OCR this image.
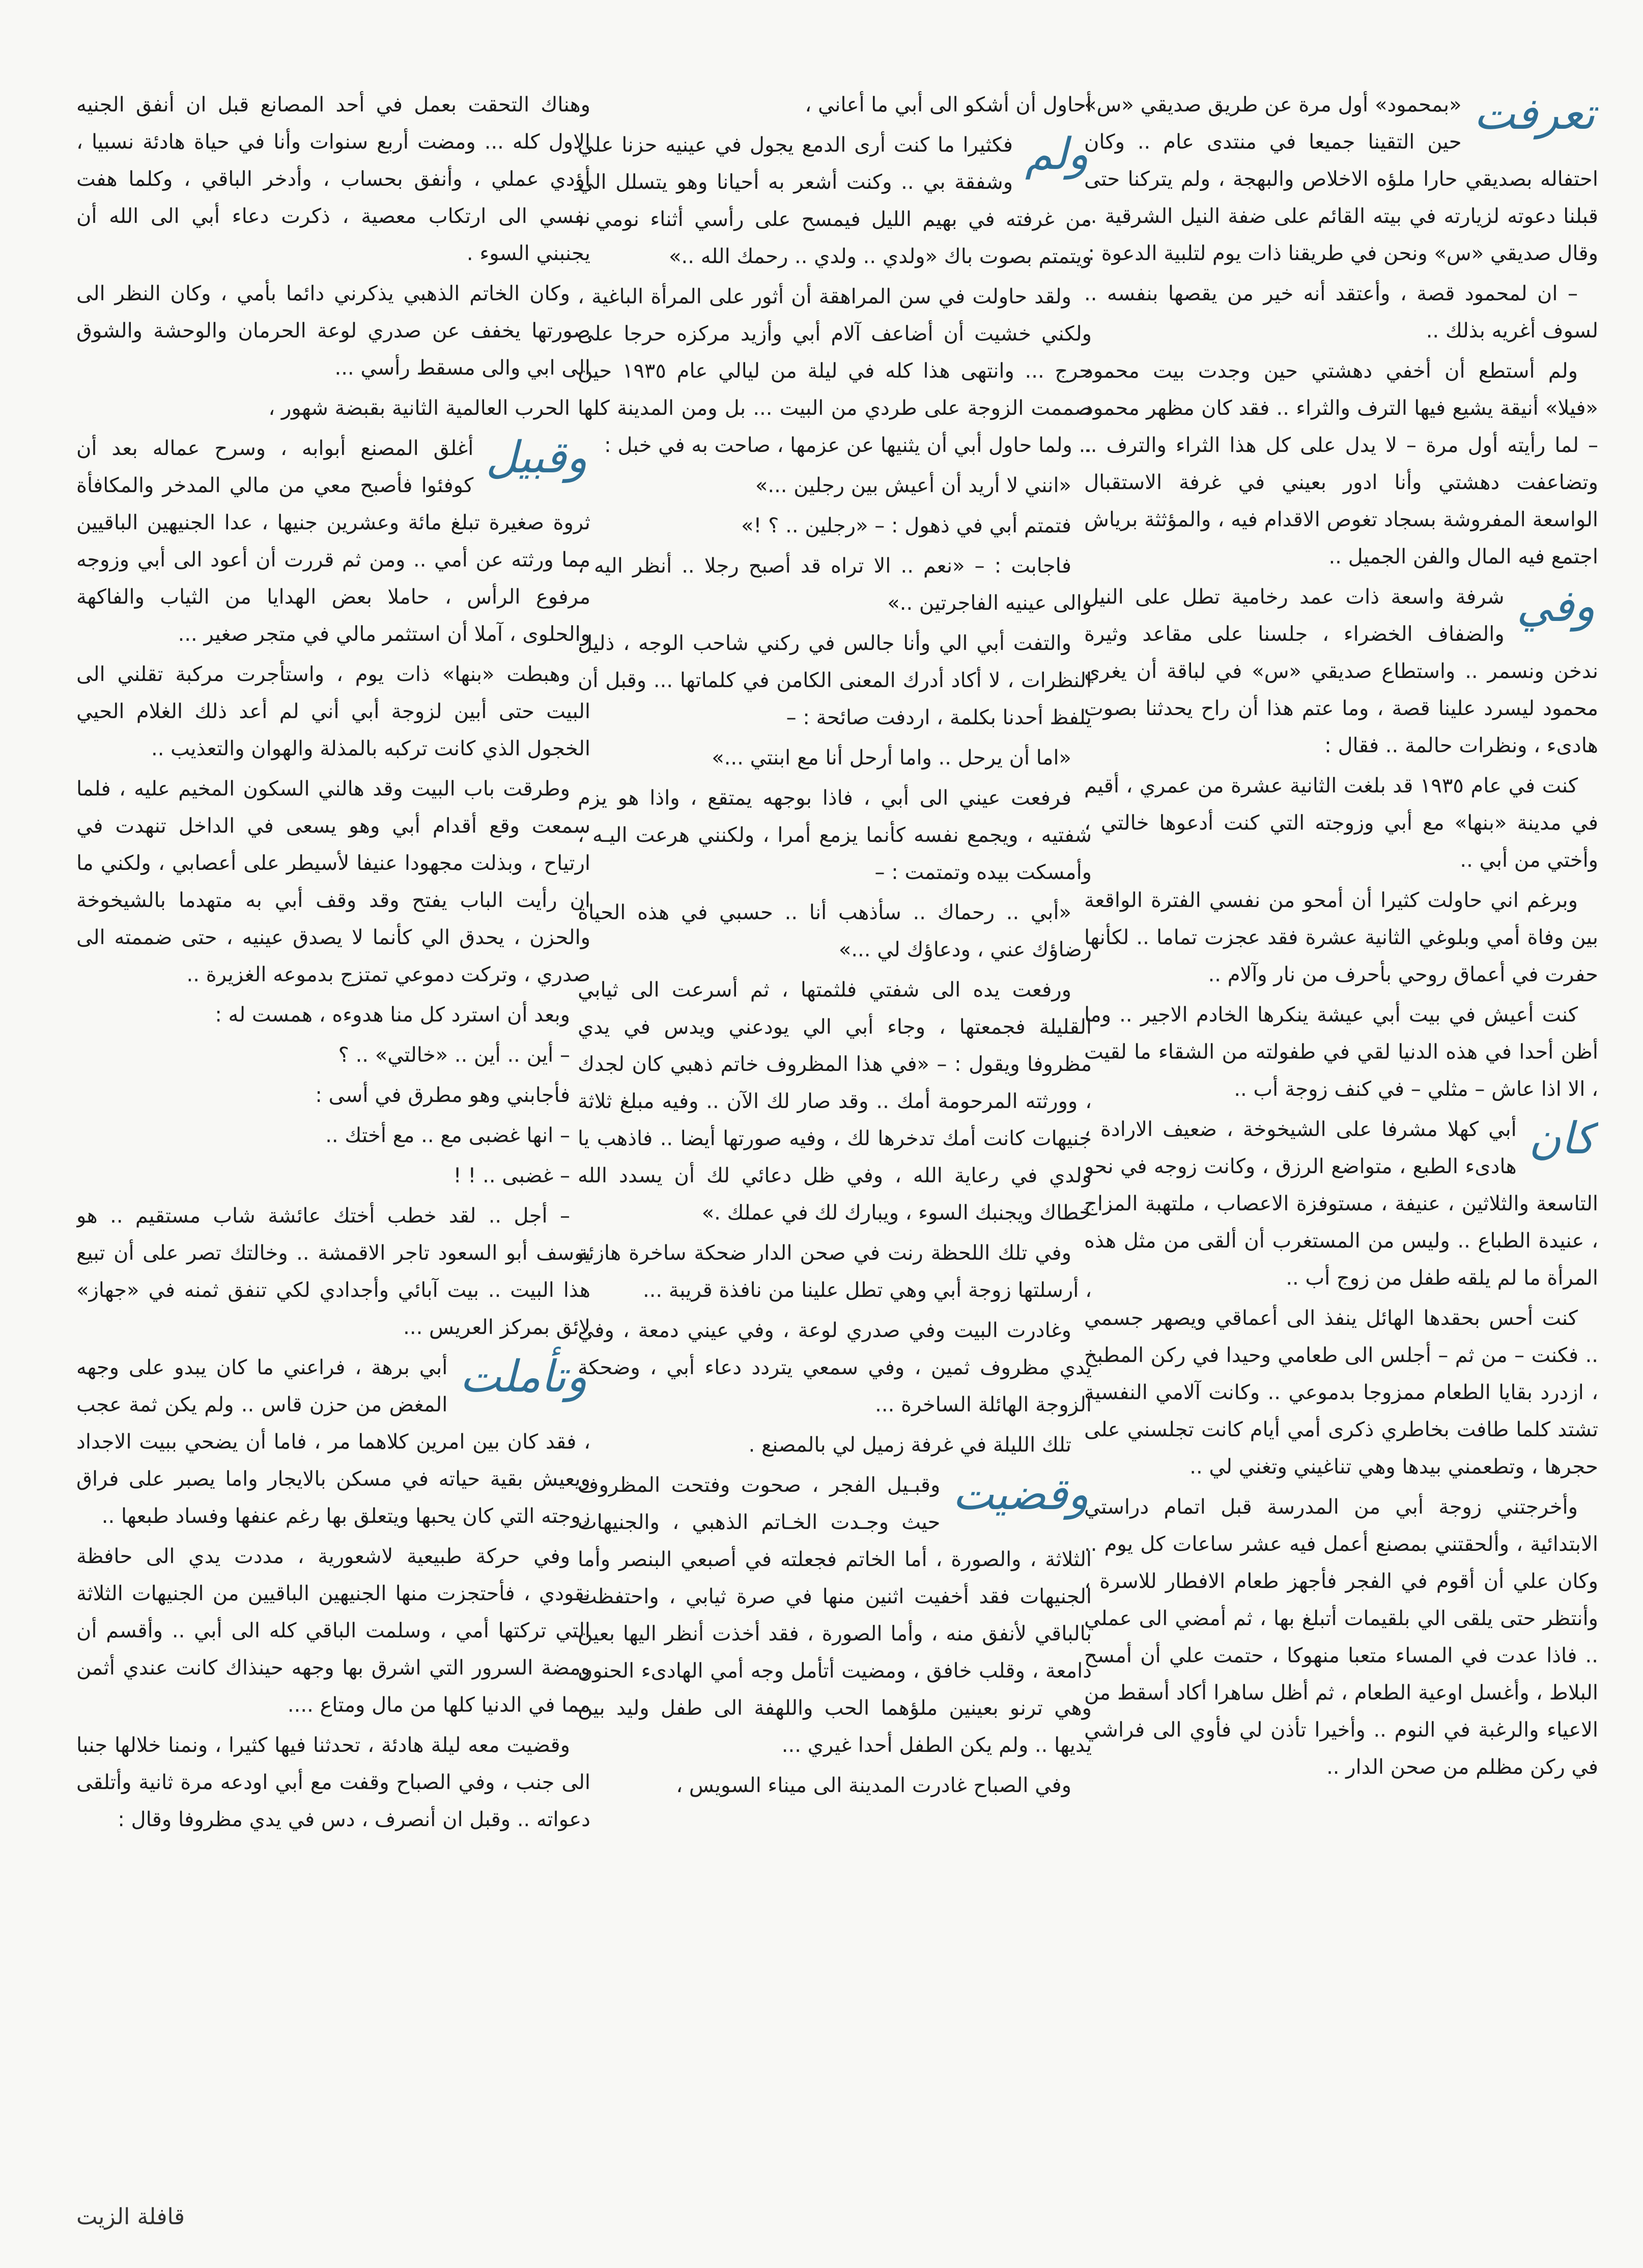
تعرفت
«بمحمود» أول مرة عن طريق صديقي «س» حين التقينا جميعا في منتدى عام .. وكان احتفاله بصديقي حارا ملؤه الاخلاص والبهجة ، ولم يتركنا حتى قبلنا دعوته لزيارته في بيته القائم على ضفة النيل الشرقية .. وقال صديقي «س» ونحن في طريقنا ذات يوم لتلبية الدعوة :

– ان لمحمود قصة ، وأعتقد أنه خير من يقصها بنفسه .. لسوف أغريه بذلك ..

ولم أستطع أن أخفي دهشتي حين وجدت بيت محمود «فيلا» أنيقة يشيع فيها الترف والثراء .. فقد كان مظهر محمود – لما رأيته أول مرة – لا يدل على كل هذا الثراء والترف .. وتضاعفت دهشتي وأنا ادور بعيني في غرفة الاستقبال الواسعة المفروشة بسجاد تغوص الاقدام فيه ، والمؤثثة برياش اجتمع فيه المال والفن الجميل ..

وفي
شرفة واسعة ذات عمد رخامية تطل على النيل والضفاف الخضراء ، جلسنا على مقاعد وثيرة ندخن ونسمر .. واستطاع صديقي «س» في لباقة أن يغري محمود ليسرد علينا قصة ، وما عتم هذا أن راح يحدثنا بصوت هادىء ، ونظرات حالمة .. فقال :

كنت في عام ١٩٣٥ قد بلغت الثانية عشرة من عمري ، أقيم في مدينة «بنها» مع أبي وزوجته التي كنت أدعوها خالتي ، وأختي من أبي ..

وبرغم اني حاولت كثيرا أن أمحو من نفسي الفترة الواقعة بين وفاة أمي وبلوغي الثانية عشرة فقد عجزت تماما .. لكأنها حفرت في أعماق روحي بأحرف من نار وآلام ..

كنت أعيش في بيت أبي عيشة ينكرها الخادم الاجير .. وما أظن أحدا في هذه الدنيا لقي في طفولته من الشقاء ما لقيت ، الا اذا عاش – مثلي – في كنف زوجة أب ..

كان
أبي كهلا مشرفا على الشيخوخة ، ضعيف الارادة ، هادىء الطبع ، متواضع الرزق ، وكانت زوجه في نحو التاسعة والثلاثين ، عنيفة ، مستوفزة الاعصاب ، ملتهبة المزاج ، عنيدة الطباع .. وليس من المستغرب أن ألقى من مثل هذه المرأة ما لم يلقه طفل من زوج أب ..

كنت أحس بحقدها الهائل ينفذ الى أعماقي ويصهر جسمي .. فكنت – من ثم – أجلس الى طعامي وحيدا في ركن المطبخ ، ازدرد بقايا الطعام ممزوجا بدموعي .. وكانت آلامي النفسية تشتد كلما طافت بخاطري ذكرى أمي أيام كانت تجلسني على حجرها ، وتطعمني بيدها وهي تناغيني وتغني لي ..

وأخرجتني زوجة أبي من المدرسة قبل اتمام دراستي الابتدائية ، وألحقتني بمصنع أعمل فيه عشر ساعات كل يوم .. وكان علي أن أقوم في الفجر فأجهز طعام الافطار للاسرة ، وأنتظر حتى يلقى الي بلقيمات أتبلغ بها ، ثم أمضي الى عملي .. فاذا عدت في المساء متعبا منهوكا ، حتمت علي أن أمسح البلاط ، وأغسل اوعية الطعام ، ثم أظل ساهرا أكاد أسقط من الاعياء والرغبة في النوم .. وأخيرا تأذن لي فأوي الى فراشي في ركن مظلم من صحن الدار ..

أحاول أن أشكو الى أبي ما أعاني ،

ولم
فكثيرا ما كنت أرى الدمع يجول في عينيه حزنا علي وشفقة بي .. وكنت أشعر به أحيانا وهو يتسلل الي من غرفته في بهيم الليل فيمسح على رأسي أثناء نومي ، ويتمتم بصوت باك «ولدي .. ولدي .. رحمك الله ..»

ولقد حاولت في سن المراهقة أن أثور على المرأة الباغية ، ولكني خشيت أن أضاعف آلام أبي وأزيد مركزه حرجا على حرج ... وانتهى هذا كله في ليلة من ليالي عام ١٩٣٥ حين صممت الزوجة على طردي من البيت ... بل ومن المدينة كلها .. ولما حاول أبي أن يثنيها عن عزمها ، صاحت به في خبل :

«انني لا أريد أن أعيش بين رجلين ...»

فتمتم أبي في ذهول : – «رجلين .. ؟ !»

فاجابت : – «نعم .. الا تراه قد أصبح رجلا .. أنظر اليه ، والى عينيه الفاجرتين ..»

والتفت أبي الي وأنا جالس في ركني شاحب الوجه ، ذليل النظرات ، لا أكاد أدرك المعنى الكامن في كلماتها ... وقبل أن يلفظ أحدنا بكلمة ، اردفت صائحة : –

«اما أن يرحل .. واما أرحل أنا مع ابنتي ...»

فرفعت عيني الى أبي ، فاذا بوجهه يمتقع ، واذا هو يزم شفتيه ، ويجمع نفسه كأنما يزمع أمرا ، ولكنني هرعت اليـه ، وأمسكت بيده وتمتمت : –

«أبي .. رحماك .. سأذهب أنا .. حسبي في هذه الحياة رضاؤك عني ، ودعاؤك لي ...»

ورفعت يده الى شفتي فلثمتها ، ثم أسرعت الى ثيابي القليلة فجمعتها ، وجاء أبي الي يودعني ويدس في يدي مظروفا ويقول : – «في هذا المظروف خاتم ذهبي كان لجدك ، وورثته المرحومة أمك .. وقد صار لك الآن .. وفيه مبلغ ثلاثة جنيهات كانت أمك تدخرها لك ، وفيه صورتها أيضا .. فاذهب يا ولدي في رعاية الله ، وفي ظل دعائي لك أن يسدد الله خطاك ويجنبك السوء ، ويبارك لك في عملك .»

وفي تلك اللحظة رنت في صحن الدار ضحكة ساخرة هازئة ، أرسلتها زوجة أبي وهي تطل علينا من نافذة قريبة ...

وغادرت البيت وفي صدري لوعة ، وفي عيني دمعة ، وفي يدي مظروف ثمين ، وفي سمعي يتردد دعاء أبي ، وضحكة الزوجة الهائلة الساخرة ...

تلك الليلة في غرفة زميل لي بالمصنع .

وقضيت
وقبـيل الفجر ، صحوت وفتحت المظروف حيث وجـدت الخـاتم الذهبي ، والجنيهات الثلاثة ، والصورة ، أما الخاتم فجعلته في أصبعي البنصر وأما الجنيهات فقد أخفيت اثنين منها في صرة ثيابي ، واحتفظت بالباقي لأنفق منه ، وأما الصورة ، فقد أخذت أنظر اليها بعين دامعة ، وقلب خافق ، ومضيت أتأمل وجه أمي الهادىء الحنون وهي ترنو بعينين ملؤهما الحب واللهفة الى طفل وليد بين يديها .. ولم يكن الطفل أحدا غيري ...

وفي الصباح غادرت المدينة الى ميناء السويس ،

وهناك التحقت بعمل في أحد المصانع قبل ان أنفق الجنيه الاول كله ... ومضت أربع سنوات وأنا في حياة هادئة نسبيا ، أؤدي عملي ، وأنفق بحساب ، وأدخر الباقي ، وكلما هفت نفسي الى ارتكاب معصية ، ذكرت دعاء أبي الى الله أن يجنبني السوء .

وكان الخاتم الذهبي يذكرني دائما بأمي ، وكان النظر الى صورتها يخفف عن صدري لوعة الحرمان والوحشة والشوق الى ابي والى مسقط رأسي ...

الحرب العالمية الثانية بقبضة شهور ،

وقبيل
أغلق المصنع أبوابه ، وسرح عماله بعد أن كوفئوا فأصبح معي من مالي المدخر والمكافأة ثروة صغيرة تبلغ مائة وعشرين جنيها ، عدا الجنيهين الباقيين مما ورثته عن أمي .. ومن ثم قررت أن أعود الى أبي وزوجه مرفوع الرأس ، حاملا بعض الهدايا من الثياب والفاكهة والحلوى ، آملا أن استثمر مالي في متجر صغير ...

وهبطت «بنها» ذات يوم ، واستأجرت مركبة تقلني الى البيت حتى أبين لزوجة أبي أني لم أعد ذلك الغلام الحيي الخجول الذي كانت تركبه بالمذلة والهوان والتعذيب ..

وطرقت باب البيت وقد هالني السكون المخيم عليه ، فلما سمعت وقع أقدام أبي وهو يسعى في الداخل تنهدت في ارتياح ، وبذلت مجهودا عنيفا لأسيطر على أعصابي ، ولكني ما ان رأيت الباب يفتح وقد وقف أبي به متهدما بالشيخوخة والحزن ، يحدق الي كأنما لا يصدق عينيه ، حتى ضممته الى صدري ، وتركت دموعي تمتزج بدموعه الغزيرة ..

وبعد أن استرد كل منا هدوءه ، همست له :

– أين .. أين .. «خالتي» .. ؟

فأجابني وهو مطرق في أسى :

– انها غضبى مع .. مع أختك ..

– غضبى .. ! !

– أجل .. لقد خطب أختك عائشة شاب مستقيم .. هو يوسف أبو السعود تاجر الاقمشة .. وخالتك تصر على أن تبيع هذا البيت .. بيت آبائي وأجدادي لكي تنفق ثمنه في «جهاز» لائق بمركز العريس ...

وتأملت
أبي برهة ، فراعني ما كان يبدو على وجهه المغض من حزن قاس .. ولم يكن ثمة عجب ، فقد كان بين امرين كلاهما مر ، فاما أن يضحي ببيت الاجداد ويعيش بقية حياته في مسكن بالايجار واما يصبر على فراق زوجته التي كان يحبها ويتعلق بها رغم عنفها وفساد طبعها ..

وفي حركة طبيعية لاشعورية ، مددت يدي الى حافظة نقودي ، فأحتجزت منها الجنيهين الباقيين من الجنيهات الثلاثة التي تركتها أمي ، وسلمت الباقي كله الى أبي .. وأقسم أن ومضة السرور التي اشرق بها وجهه حينذاك كانت عندي أثمن مما في الدنيا كلها من مال ومتاع ....

وقضيت معه ليلة هادئة ، تحدثنا فيها كثيرا ، ونمنا خلالها جنبا الى جنب ، وفي الصباح وقفت مع أبي اودعه مرة ثانية وأتلقى دعواته .. وقبل ان أنصرف ، دس في يدي مظروفا وقال :

قافلة الزيت
